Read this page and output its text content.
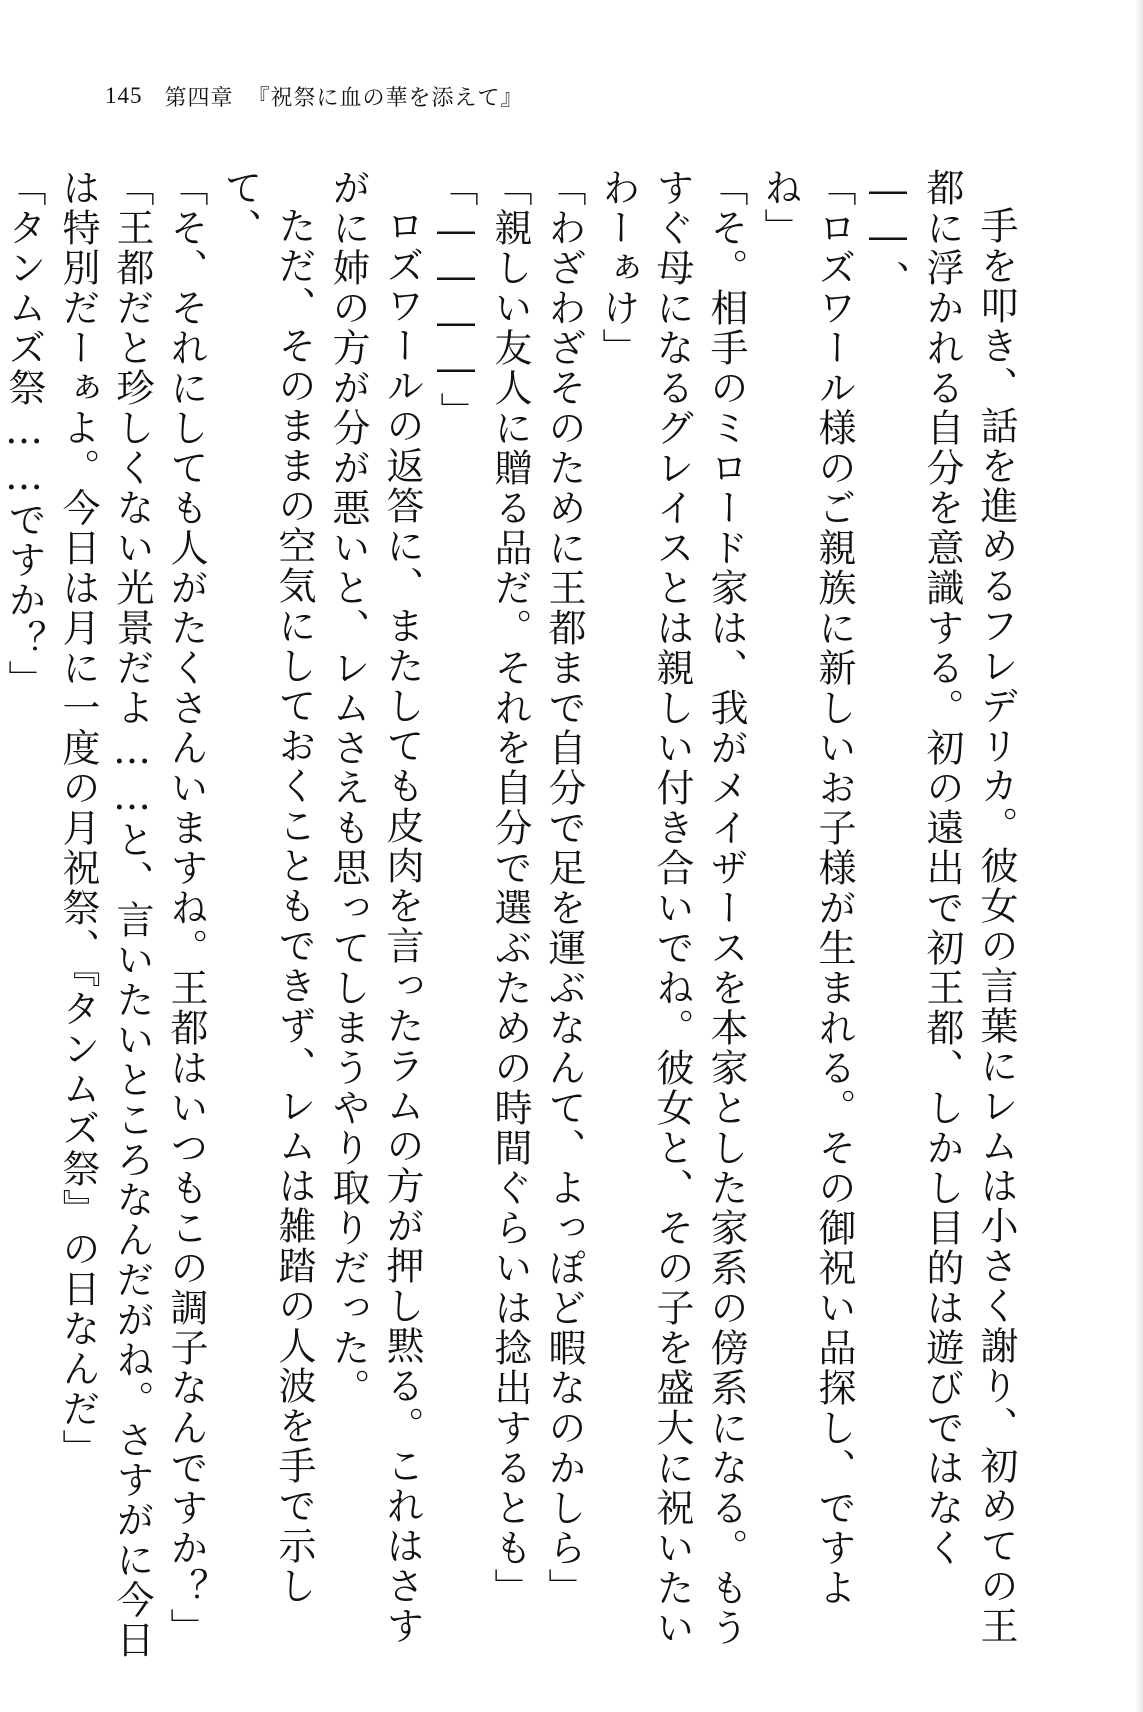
145 第四章 『祝祭に血の華を添えて』

手を叩き、話を進めるフレデリカ。彼女の言葉にレムは小さく謝り、初めての王都に浮かれる自分を意識する。初の遠出で初王都、しかし目的は遊びではなく――、

「ロズワール様のご親族に新しいお子様が生まれる。その御祝い品探し、ですよね」

「そ。相手のミロード家は、我がメイザースを本家とした家系の傍系になる。もうすぐ母になるグレイスとは親しい付き合いでね。彼女と、その子を盛大に祝いたいわーぁけ」

「わざわざそのために王都まで自分で足を運ぶなんて、よっぽど暇なのかしら」

「親しい友人に贈る品だ。それを自分で選ぶための時間ぐらいは捻出するとも」

「――――」

ロズワールの返答に、またしても皮肉を言ったラムの方が押し黙る。これはさすがに姉の方が分が悪いと、レムさえも思ってしまうやり取りだった。

ただ、そのままの空気にしておくこともできず、レムは雑踏の人波を手で示して、

「そ、それにしても人がたくさんいますね。王都はいつもこの調子なんですか？」

「王都だと珍しくない光景だよ……と、言いたいところなんだがね。さすがに今日は特別だーぁよ。今日は月に一度の月祝祭、『タンムズ祭』の日なんだ」

「タンムズ祭……ですか？」
